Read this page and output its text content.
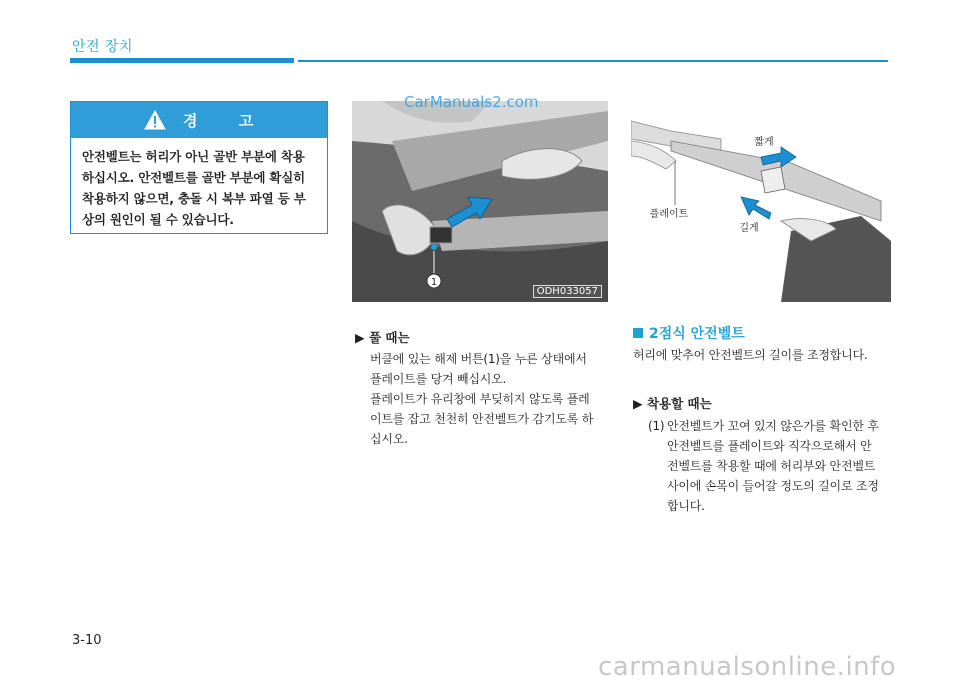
안전 장치
경 고
안전벨트는 허리가 아닌 골반 부분에 착용
하십시오. 안전벨트를 골반 부분에 확실히
착용하지 않으면, 충돌 시 복부 파열 등 부
상의 원인이 될 수 있습니다.
1
ODH033057
CarManuals2.com
짧게
플레이트
길게
OQT035016
▶ 풀 때는
버클에 있는 해제 버튼(1)을 누른 상태에서
플레이트를 당겨 빼십시오.
플레이트가 유리창에 부딪히지 않도록 플레
이트를 잡고 천천히 안전벨트가 감기도록 하
십시오.
2점식 안전벨트
허리에 맞추어 안전벨트의 길이를 조정합니다.
▶ 착용할 때는
(1) 안전벨트가 꼬여 있지 않은가를 확인한 후
안전벨트를 플레이트와 직각으로해서 안
전벨트를 착용할 때에 허리부와 안전벨트
사이에 손목이 들어갈 정도의 길이로 조정
합니다.
3-10
carmanualsonline.info
